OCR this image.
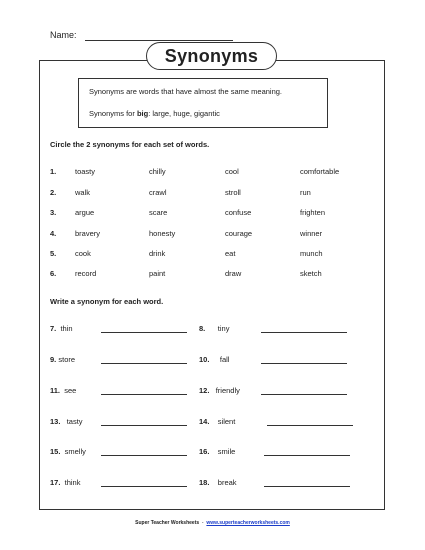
Name:
Synonyms
Synonyms are words that have almost the same meaning.
Synonyms for big: large, huge, gigantic
Circle the 2 synonyms for each set of words.
1. toasty	chilly	cool	comfortable
2. walk	crawl	stroll	run
3. argue	scare	confuse	frighten
4. bravery	honesty	courage	winner
5. cook	drink	eat	munch
6. record	paint	draw	sketch
Write a synonym for each word.
7. thin	8. tiny
9. store	10. fall
11. see	12. friendly
13. tasty	14. silent
15. smelly	16. smile
17. think	18. break
Super Teacher Worksheets  -  www.superteacherworksheets.com
